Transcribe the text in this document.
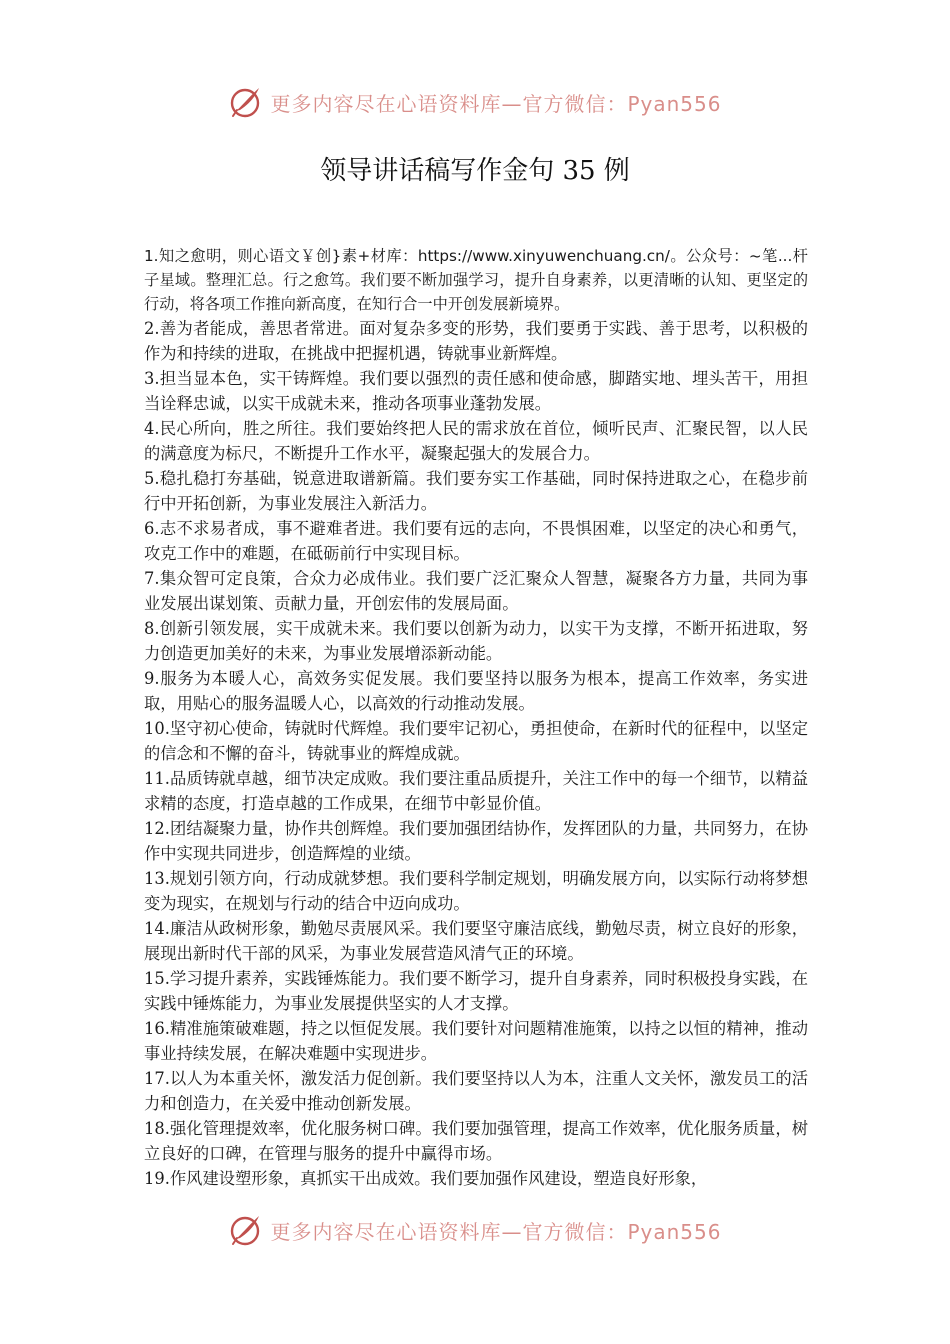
更多内容尽在心语资料库—官方微信：Pyan556
领导讲话稿写作金句 35 例

1.知之愈明，则心语文￥创}素+材库：https://www.xinyuwenchuang.cn/。公众号：~笔...杆子星域。整理汇总。行之愈笃。我们要不断加强学习，提升自身素养，以更清晰的认知、更坚定的行动，将各项工作推向新高度，在知行合一中开创发展新境界。

2.善为者能成，善思者常进。面对复杂多变的形势，我们要勇于实践、善于思考，以积极的作为和持续的进取，在挑战中把握机遇，铸就事业新辉煌。

3.担当显本色，实干铸辉煌。我们要以强烈的责任感和使命感，脚踏实地、埋头苦干，用担当诠释忠诚，以实干成就未来，推动各项事业蓬勃发展。

4.民心所向，胜之所往。我们要始终把人民的需求放在首位，倾听民声、汇聚民智，以人民的满意度为标尺，不断提升工作水平，凝聚起强大的发展合力。

5.稳扎稳打夯基础，锐意进取谱新篇。我们要夯实工作基础，同时保持进取之心，在稳步前行中开拓创新，为事业发展注入新活力。

6.志不求易者成，事不避难者进。我们要有远的志向，不畏惧困难，以坚定的决心和勇气，攻克工作中的难题，在砥砺前行中实现目标。

7.集众智可定良策，合众力必成伟业。我们要广泛汇聚众人智慧，凝聚各方力量，共同为事业发展出谋划策、贡献力量，开创宏伟的发展局面。

8.创新引领发展，实干成就未来。我们要以创新为动力，以实干为支撑，不断开拓进取，努力创造更加美好的未来，为事业发展增添新动能。

9.服务为本暖人心，高效务实促发展。我们要坚持以服务为根本，提高工作效率，务实进取，用贴心的服务温暖人心，以高效的行动推动发展。

10.坚守初心使命，铸就时代辉煌。我们要牢记初心，勇担使命，在新时代的征程中，以坚定的信念和不懈的奋斗，铸就事业的辉煌成就。

11.品质铸就卓越，细节决定成败。我们要注重品质提升，关注工作中的每一个细节，以精益求精的态度，打造卓越的工作成果，在细节中彰显价值。

12.团结凝聚力量，协作共创辉煌。我们要加强团结协作，发挥团队的力量，共同努力，在协作中实现共同进步，创造辉煌的业绩。

13.规划引领方向，行动成就梦想。我们要科学制定规划，明确发展方向，以实际行动将梦想变为现实，在规划与行动的结合中迈向成功。

14.廉洁从政树形象，勤勉尽责展风采。我们要坚守廉洁底线，勤勉尽责，树立良好的形象，展现出新时代干部的风采，为事业发展营造风清气正的环境。

15.学习提升素养，实践锤炼能力。我们要不断学习，提升自身素养，同时积极投身实践，在实践中锤炼能力，为事业发展提供坚实的人才支撑。

16.精准施策破难题，持之以恒促发展。我们要针对问题精准施策，以持之以恒的精神，推动事业持续发展，在解决难题中实现进步。

17.以人为本重关怀，激发活力促创新。我们要坚持以人为本，注重人文关怀，激发员工的活力和创造力，在关爱中推动创新发展。

18.强化管理提效率，优化服务树口碑。我们要加强管理，提高工作效率，优化服务质量，树立良好的口碑，在管理与服务的提升中赢得市场。

19.作风建设塑形象，真抓实干出成效。我们要加强作风建设，塑造良好形象，

更多内容尽在心语资料库—官方微信：Pyan556
